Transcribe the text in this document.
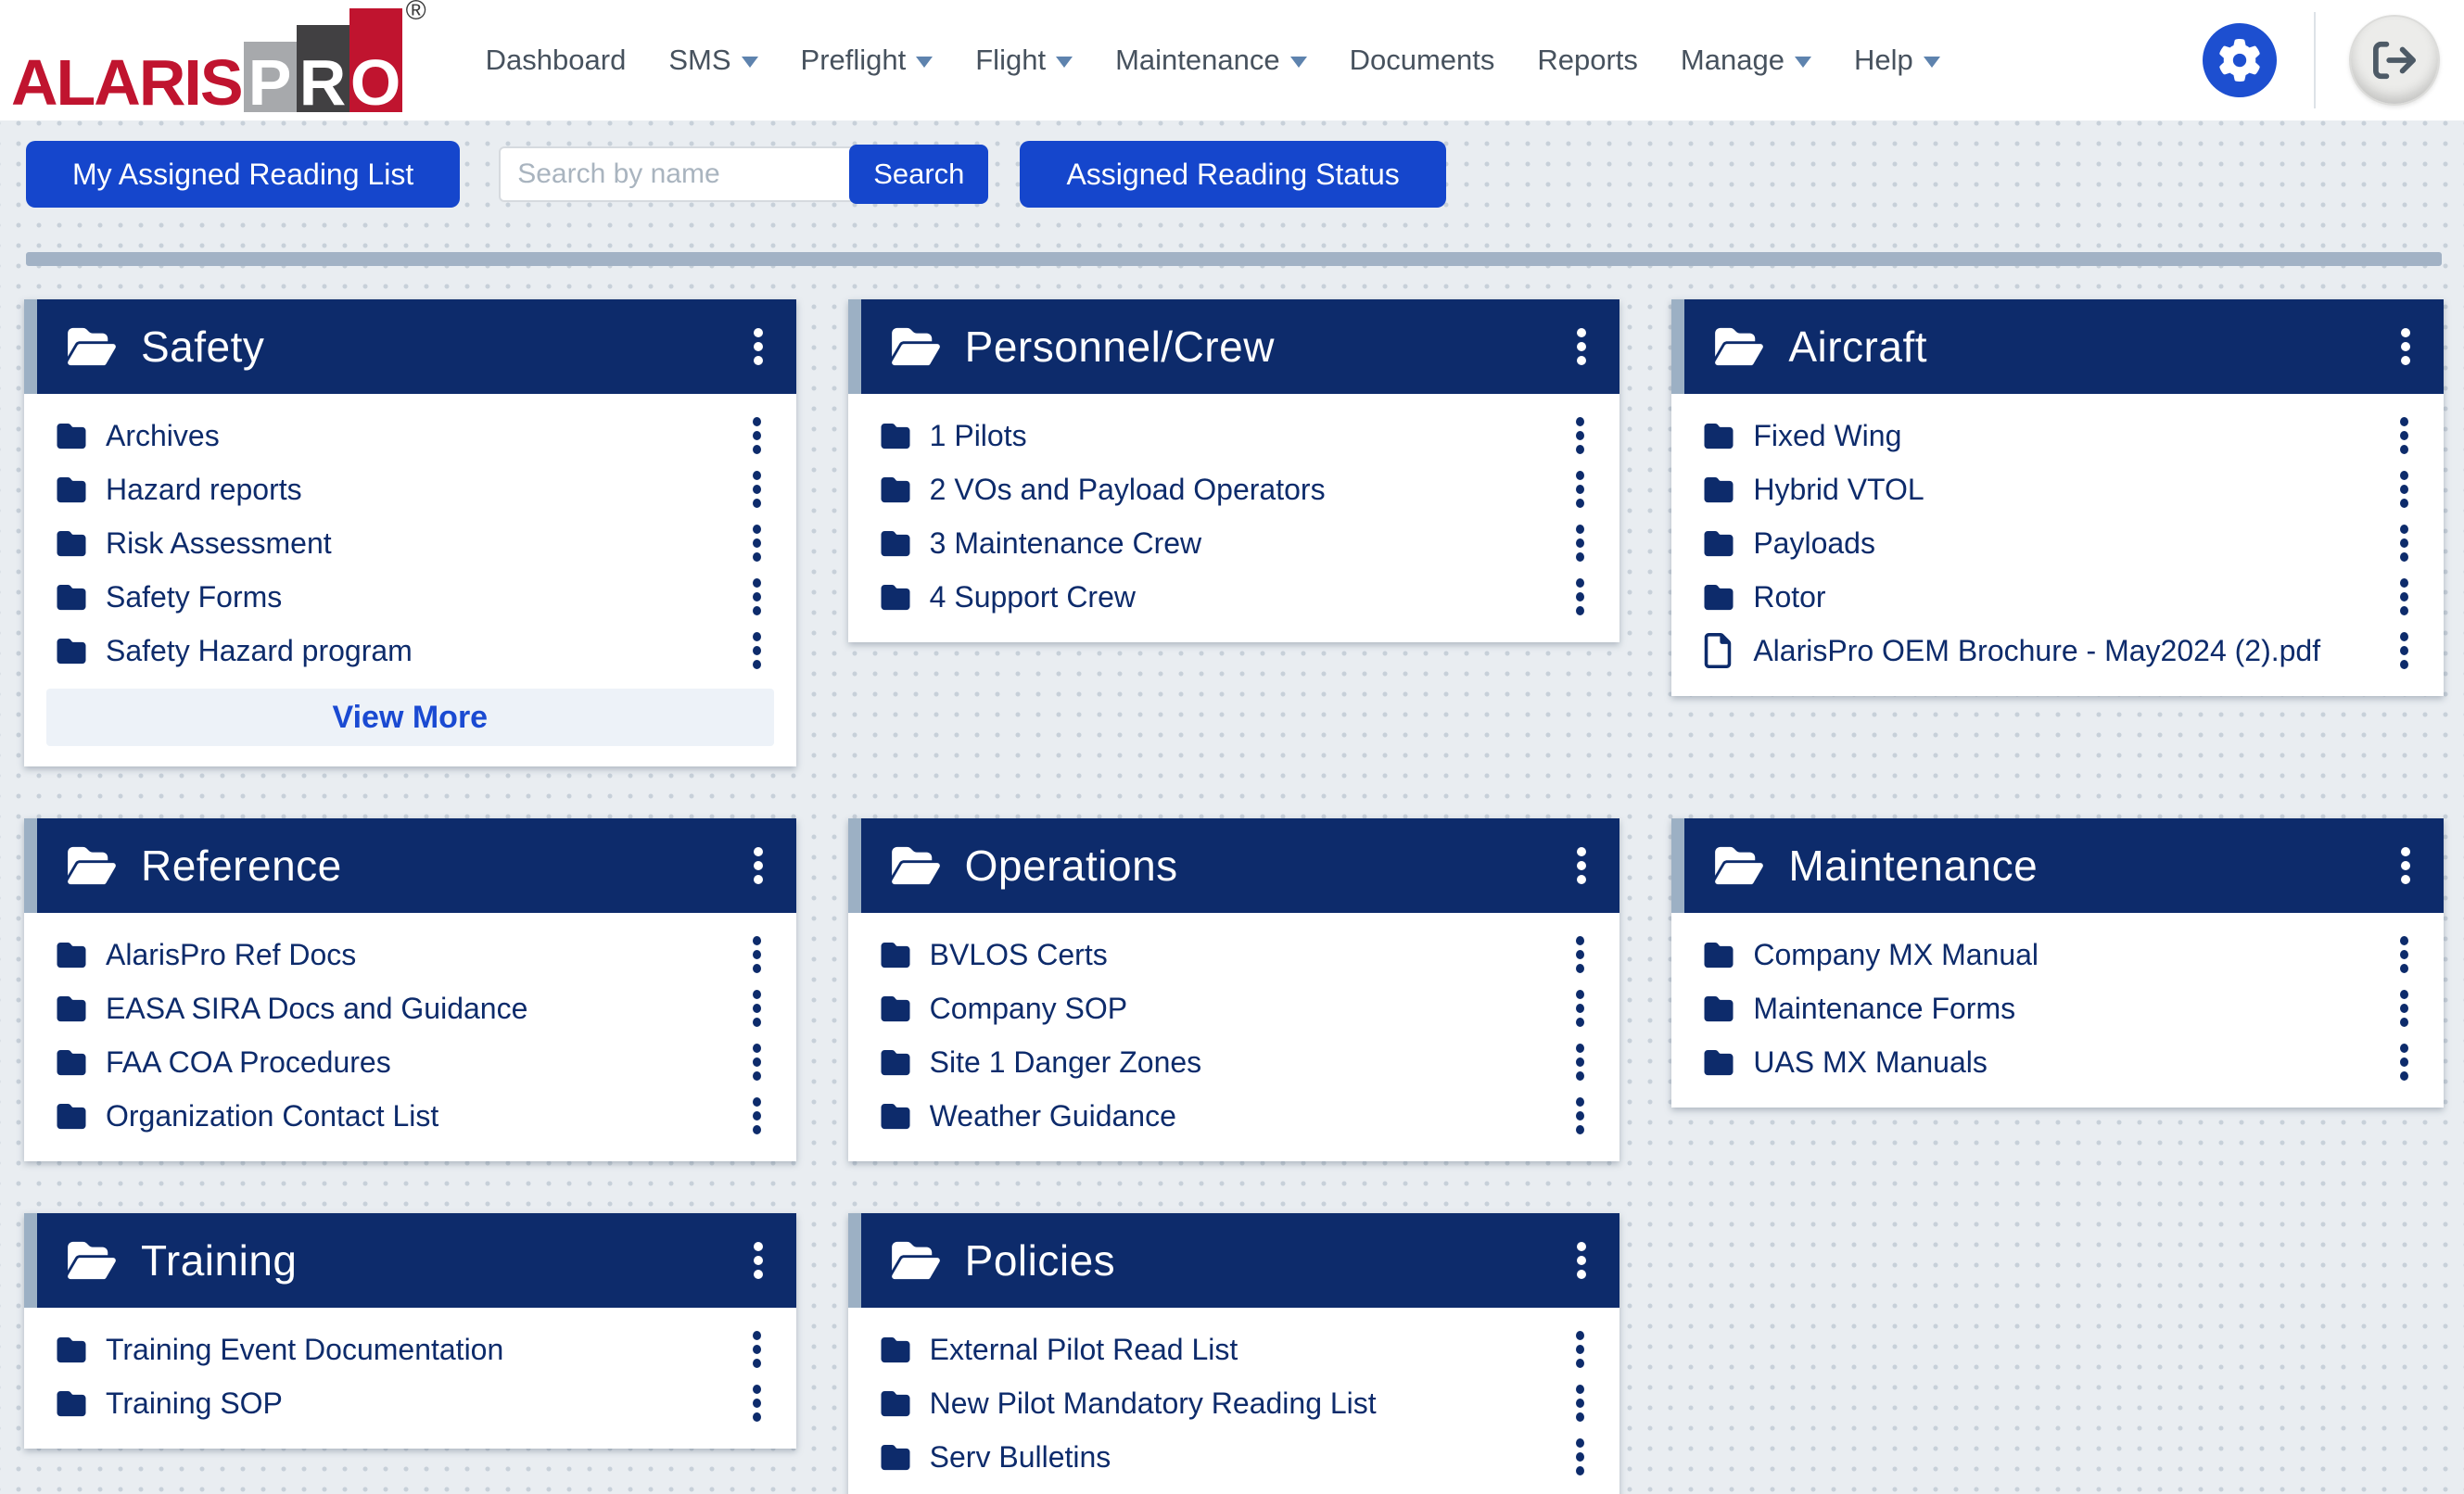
ALARIS P R O
®
Dashboard SMS Preflight Flight Maintenance Documents Reports Manage Help
My Assigned Reading List
Search by name	Search	Assigned Reading Status
Safety
Archives
Hazard reports
Risk Assessment
Safety Forms
Safety Hazard program
View More
Personnel/Crew
1 Pilots
2 VOs and Payload Operators
3 Maintenance Crew
4 Support Crew
Aircraft
Fixed Wing
Hybrid VTOL
Payloads
Rotor
AlarisPro OEM Brochure - May2024 (2).pdf
Reference
AlarisPro Ref Docs
EASA SIRA Docs and Guidance
FAA COA Procedures
Organization Contact List
Operations
BVLOS Certs
Company SOP
Site 1 Danger Zones
Weather Guidance
Maintenance
Company MX Manual
Maintenance Forms
UAS MX Manuals
Training
Training Event Documentation
Training SOP
Policies
External Pilot Read List
New Pilot Mandatory Reading List
Serv Bulletins
